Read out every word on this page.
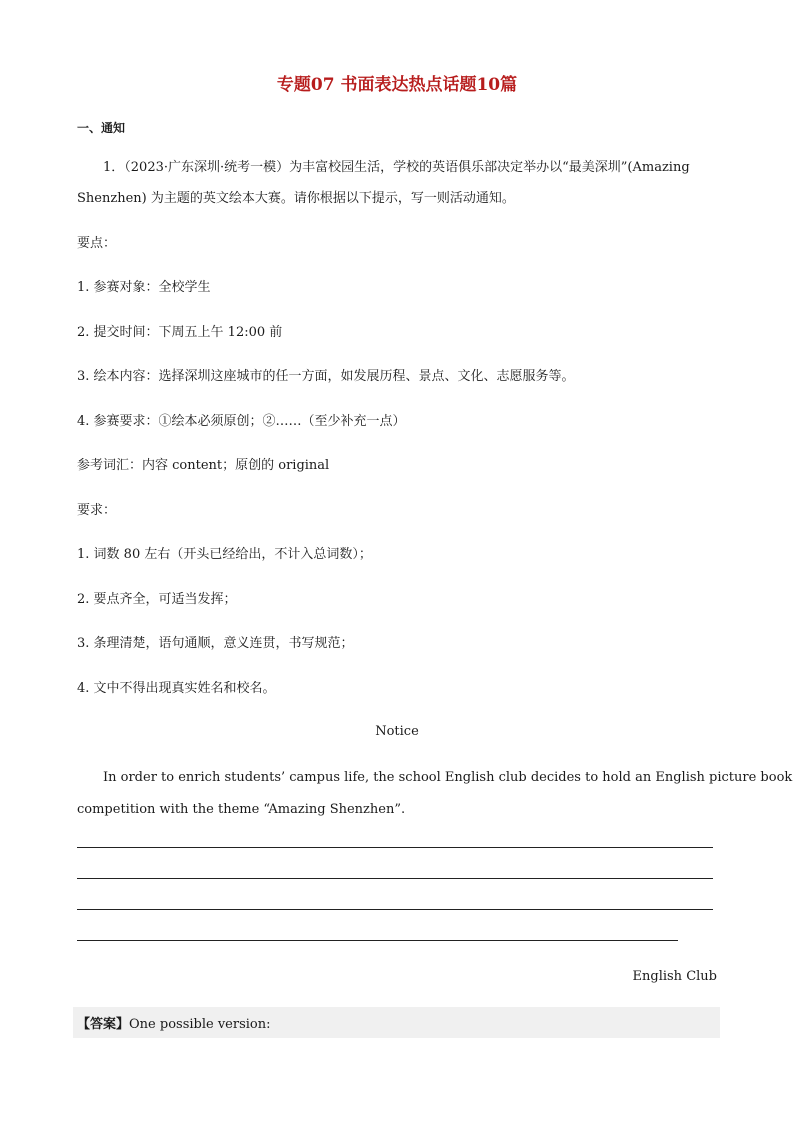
专题07 书面表达热点话题10篇
一、通知
1．（2023·广东深圳·统考一模）为丰富校园生活，学校的英语俱乐部决定举办以“最美深圳”(Amazing
Shenzhen) 为主题的英文绘本大赛。请你根据以下提示，写一则活动通知。
要点：
1. 参赛对象：全校学生
2. 提交时间：下周五上午 12:00 前
3. 绘本内容：选择深圳这座城市的任一方面，如发展历程、景点、文化、志愿服务等。
4. 参赛要求：①绘本必须原创；②……（至少补充一点）
参考词汇：内容 content；原创的 original
要求：
1. 词数 80 左右（开头已经给出，不计入总词数）；
2. 要点齐全，可适当发挥；
3. 条理清楚，语句通顺，意义连贯，书写规范；
4. 文中不得出现真实姓名和校名。
Notice
In order to enrich students’ campus life, the school English club decides to hold an English picture book
competition with the theme “Amazing Shenzhen”.
English Club
【答案】One possible version:
